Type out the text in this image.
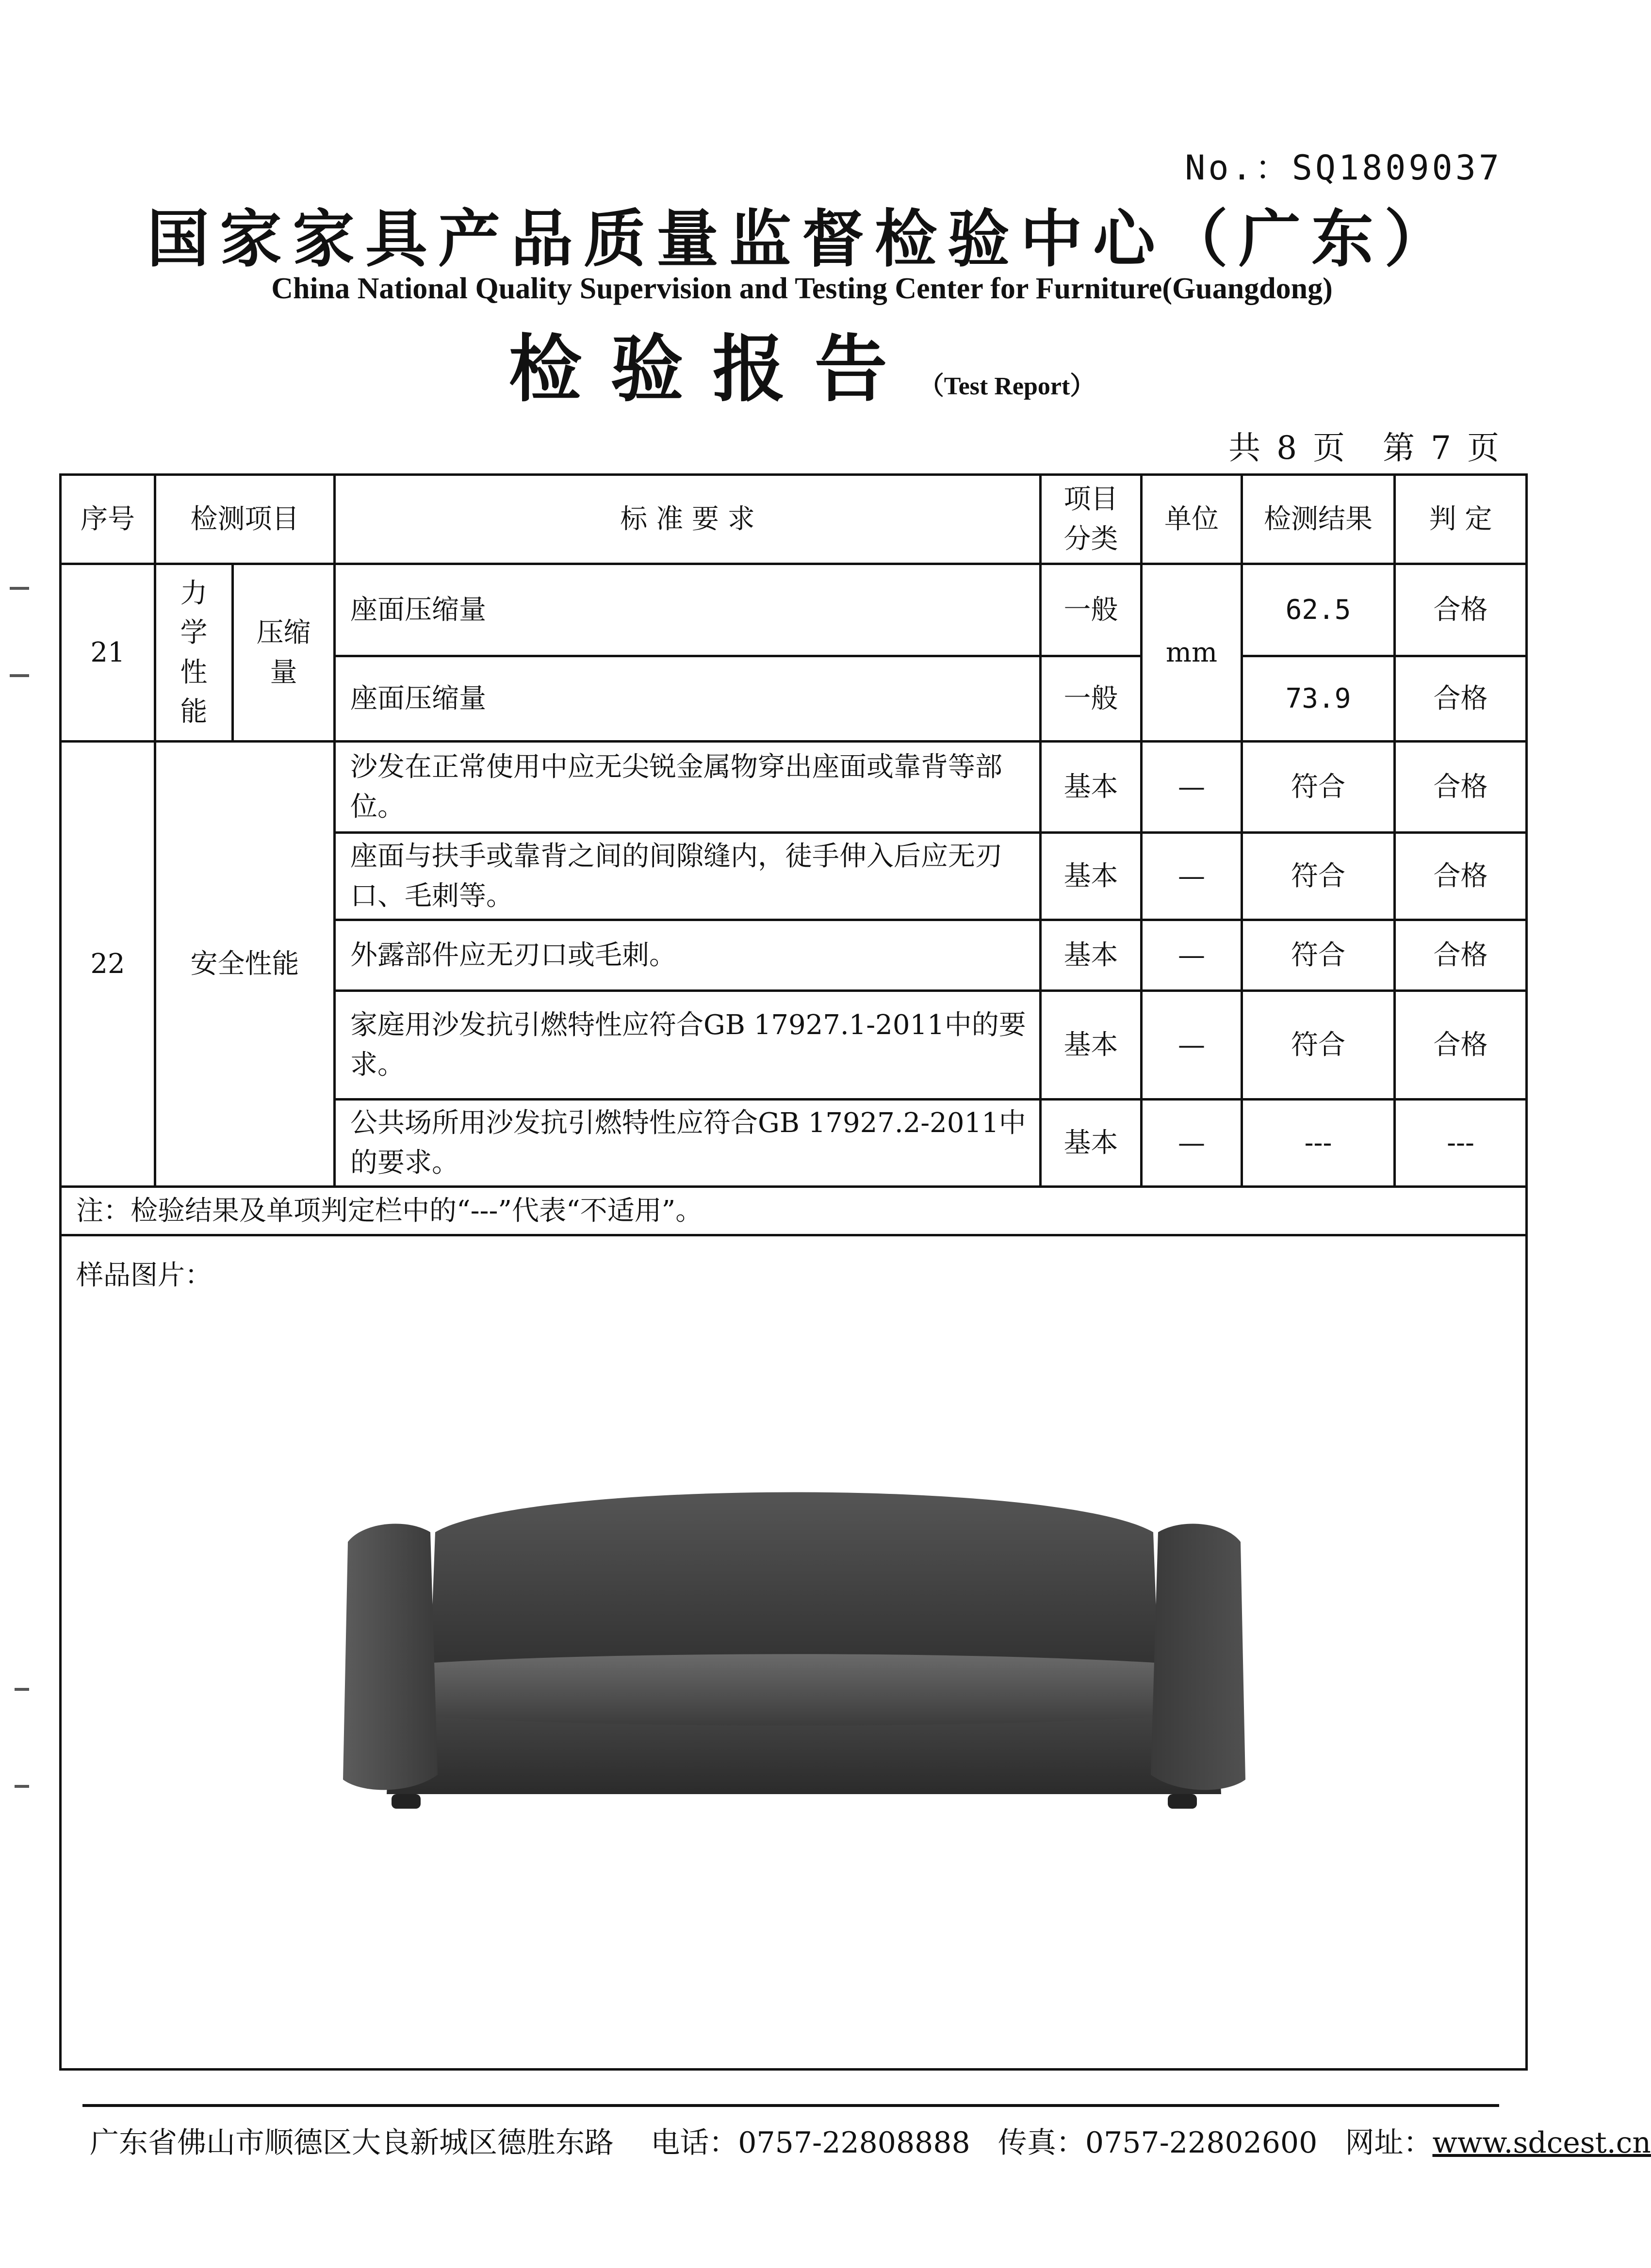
No.：SQ1809037
国家家具产品质量监督检验中心（广东）
China National Quality Supervision and Testing Center for Furniture(Guangdong)
检验报告 （Test Report）
共 8 页　第 7 页
序号	检测项目		标 准 要 求	项目分类	单位	检测结果	判 定
21	力学性能	压缩量	座面压缩量	一般	mm	62.5	合格
			座面压缩量	一般		73.9	合格
22	安全性能		沙发在正常使用中应无尖锐金属物穿出座面或靠背等部位。	基本	—	符合	合格
			座面与扶手或靠背之间的间隙缝内，徒手伸入后应无刃口、毛刺等。	基本	—	符合	合格
			外露部件应无刃口或毛刺。	基本	—	符合	合格
			家庭用沙发抗引燃特性应符合GB 17927.1-2011中的要求。	基本	—	符合	合格
			公共场所用沙发抗引燃特性应符合GB 17927.2-2011中的要求。	基本	—	---	---
注：检验结果及单项判定栏中的“---”代表“不适用”。							

样品图片：							
广东省佛山市顺德区大良新城区德胜东路 电话：0757-22808888 传真：0757-22802600 网址：www.sdcest.cn
